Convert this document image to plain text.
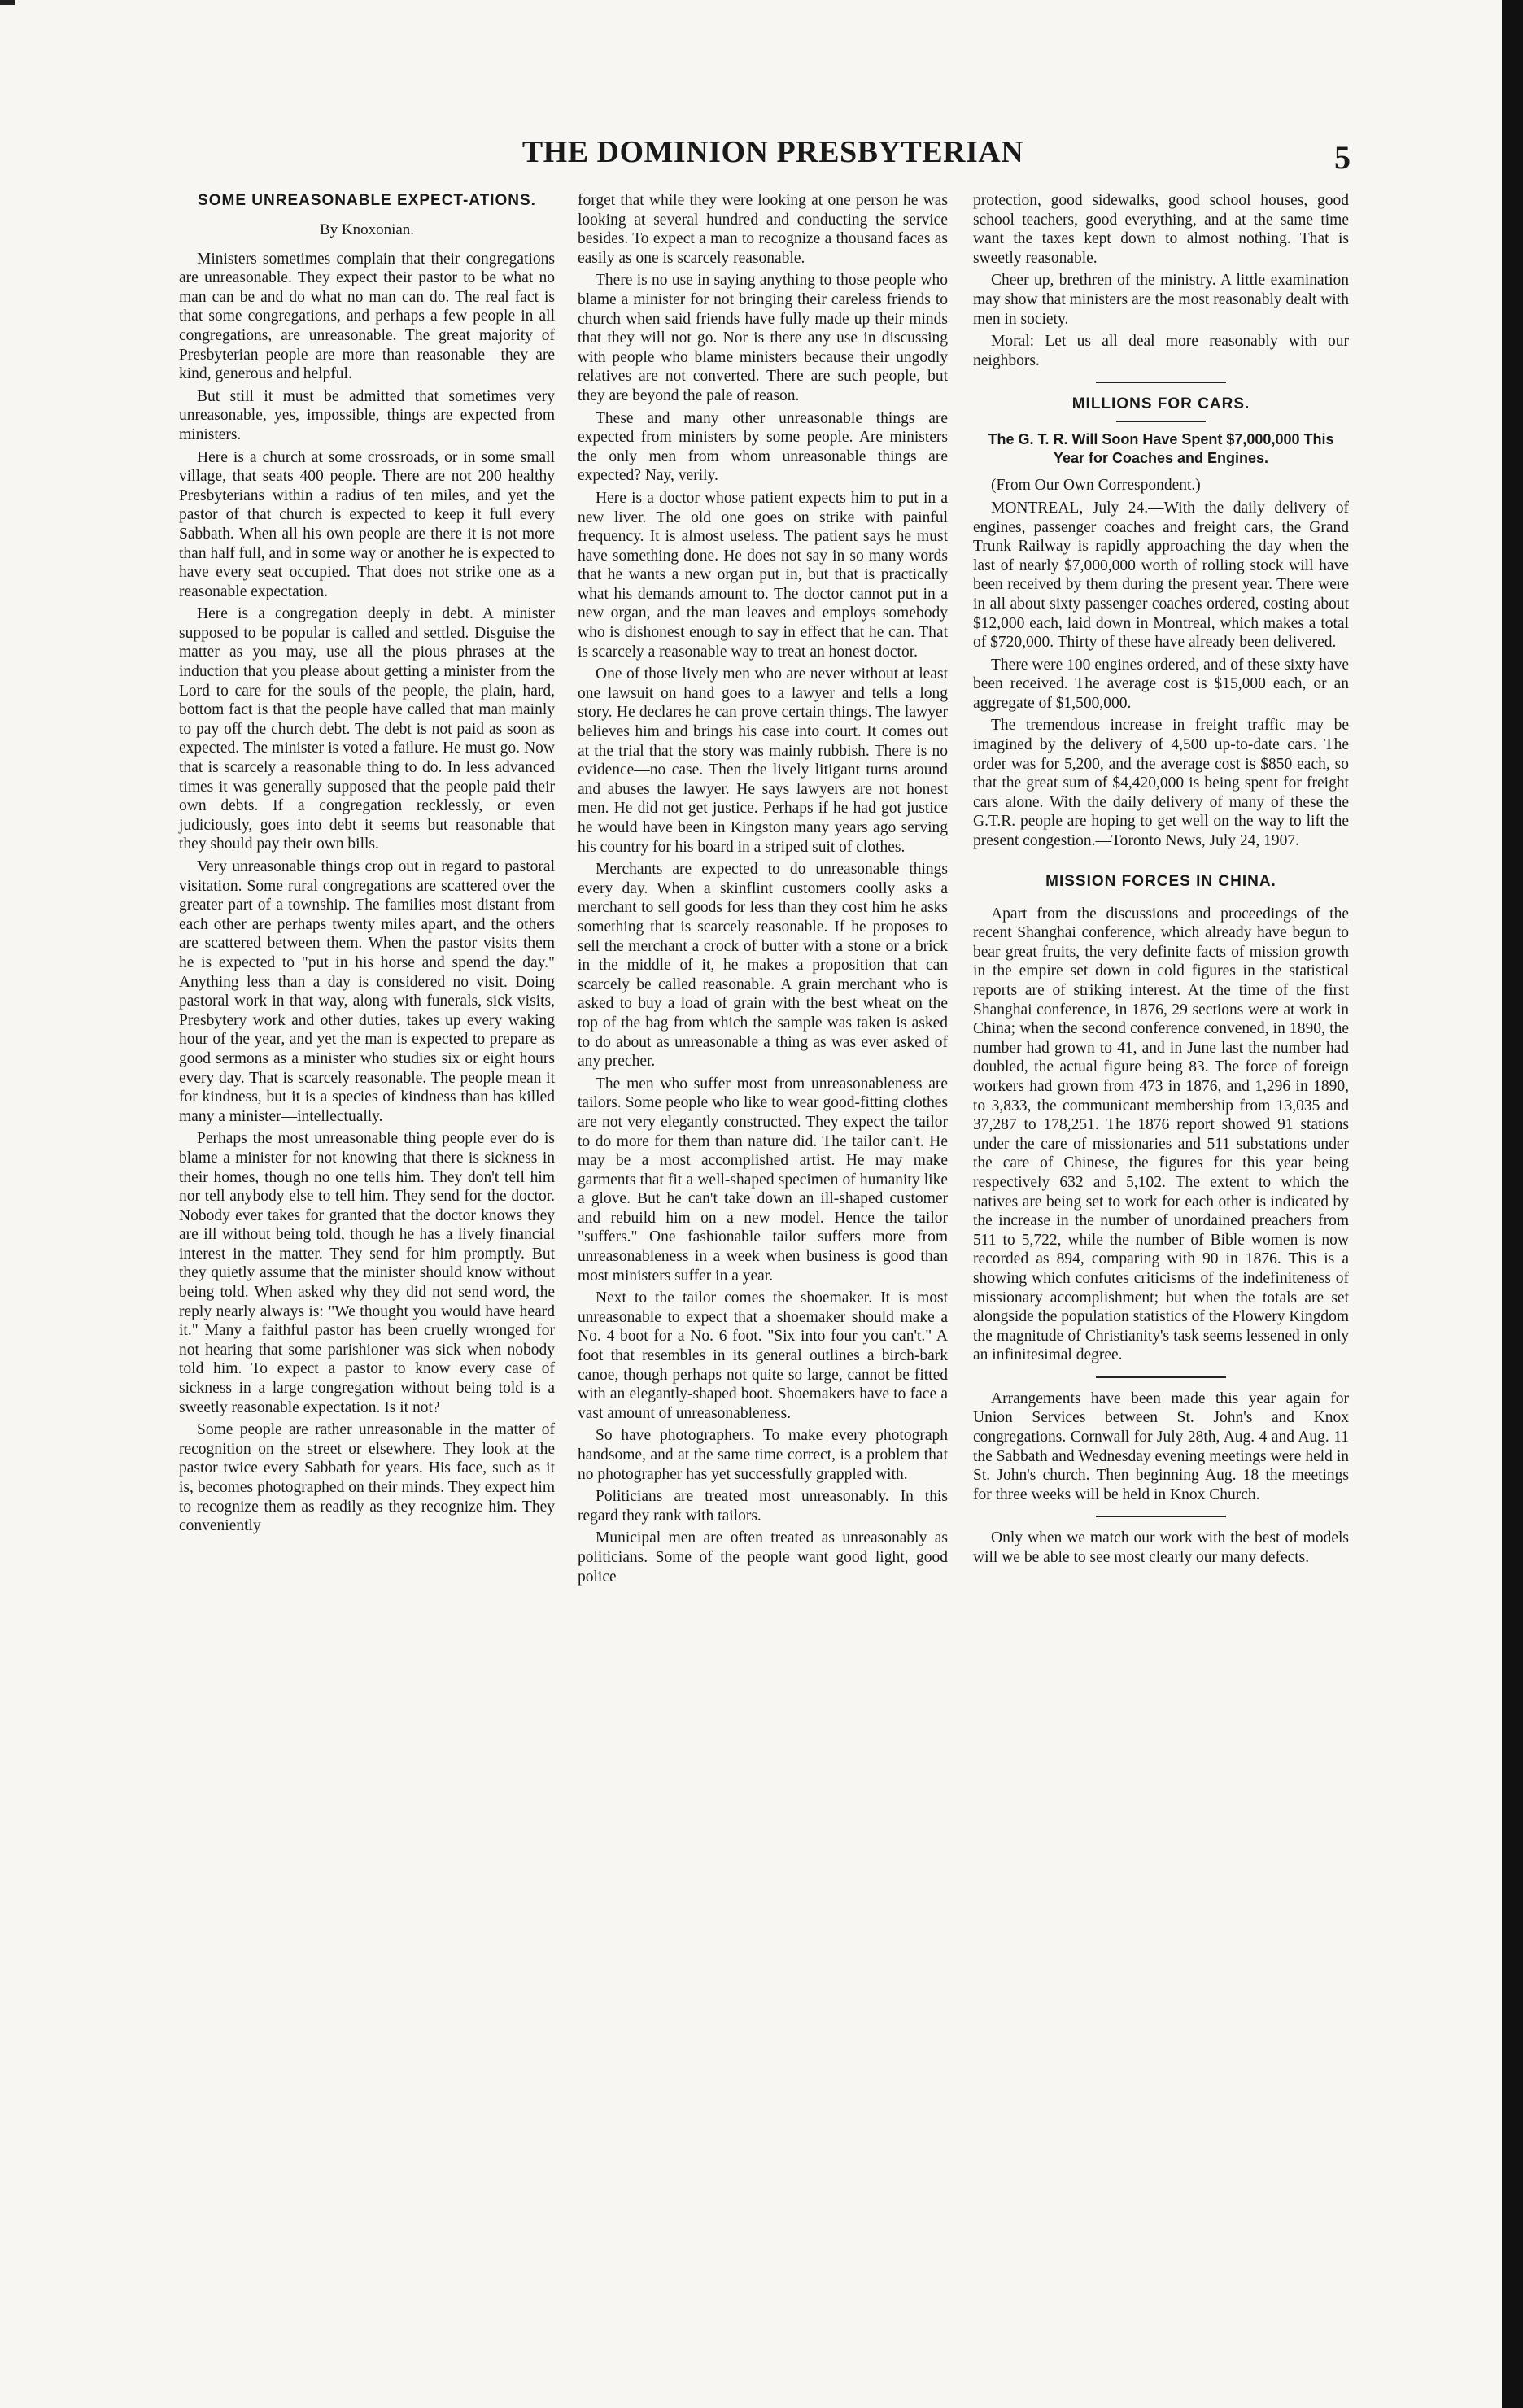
THE DOMINION PRESBYTERIAN	5
SOME UNREASONABLE EXPECT-ATIONS.
By Knoxonian.

Ministers sometimes complain that their congregations are unreasonable. They expect their pastor to be what no man can be and do what no man can do. The real fact is that some congregations, and perhaps a few people in all congregations, are unreasonable. The great majority of Presbyterian people are more than reasonable—they are kind, generous and helpful.

But still it must be admitted that sometimes very unreasonable, yes, impossible, things are expected from ministers.

Here is a church at some crossroads, or in some small village, that seats 400 people. There are not 200 healthy Presbyterians within a radius of ten miles, and yet the pastor of that church is expected to keep it full every Sabbath. When all his own people are there it is not more than half full, and in some way or another he is expected to have every seat occupied. That does not strike one as a reasonable expectation.

Here is a congregation deeply in debt. A minister supposed to be popular is called and settled. Disguise the matter as you may, use all the pious phrases at the induction that you please about getting a minister from the Lord to care for the souls of the people, the plain, hard, bottom fact is that the people have called that man mainly to pay off the church debt. The debt is not paid as soon as expected. The minister is voted a failure. He must go. Now that is scarcely a reasonable thing to do. In less advanced times it was generally supposed that the people paid their own debts. If a congregation recklessly, or even judiciously, goes into debt it seems but reasonable that they should pay their own bills.

Very unreasonable things crop out in regard to pastoral visitation. Some rural congregations are scattered over the greater part of a township. The families most distant from each other are perhaps twenty miles apart, and the others are scattered between them. When the pastor visits them he is expected to "put in his horse and spend the day." Anything less than a day is considered no visit. Doing pastoral work in that way, along with funerals, sick visits, Presbytery work and other duties, takes up every waking hour of the year, and yet the man is expected to prepare as good sermons as a minister who studies six or eight hours every day. That is scarcely reasonable. The people mean it for kindness, but it is a species of kindness than has killed many a minister—intellectually.

Perhaps the most unreasonable thing people ever do is blame a minister for not knowing that there is sickness in their homes, though no one tells him. They don't tell him nor tell anybody else to tell him. They send for the doctor. Nobody ever takes for granted that the doctor knows they are ill without being told, though he has a lively financial interest in the matter. They send for him promptly. But they quietly assume that the minister should know without being told. When asked why they did not send word, the reply nearly always is: "We thought you would have heard it." Many a faithful pastor has been cruelly wronged for not hearing that some parishioner was sick when nobody told him. To expect a pastor to know every case of sickness in a large congregation without being told is a sweetly reasonable expectation. Is it not?

Some people are rather unreasonable in the matter of recognition on the street or elsewhere. They look at the pastor twice every Sabbath for years. His face, such as it is, becomes photographed on their minds. They expect him to recognize them as readily as they recognize him. They conveniently

forget that while they were looking at one person he was looking at several hundred and conducting the service besides. To expect a man to recognize a thousand faces as easily as one is scarcely reasonable.

There is no use in saying anything to those people who blame a minister for not bringing their careless friends to church when said friends have fully made up their minds that they will not go. Nor is there any use in discussing with people who blame ministers because their ungodly relatives are not converted. There are such people, but they are beyond the pale of reason.

These and many other unreasonable things are expected from ministers by some people. Are ministers the only men from whom unreasonable things are expected? Nay, verily.

Here is a doctor whose patient expects him to put in a new liver. The old one goes on strike with painful frequency. It is almost useless. The patient says he must have something done. He does not say in so many words that he wants a new organ put in, but that is practically what his demands amount to. The doctor cannot put in a new organ, and the man leaves and employs somebody who is dishonest enough to say in effect that he can. That is scarcely a reasonable way to treat an honest doctor.

One of those lively men who are never without at least one lawsuit on hand goes to a lawyer and tells a long story. He declares he can prove certain things. The lawyer believes him and brings his case into court. It comes out at the trial that the story was mainly rubbish. There is no evidence—no case. Then the lively litigant turns around and abuses the lawyer. He says lawyers are not honest men. He did not get justice. Perhaps if he had got justice he would have been in Kingston many years ago serving his country for his board in a striped suit of clothes.

Merchants are expected to do unreasonable things every day. When a skinflint customers coolly asks a merchant to sell goods for less than they cost him he asks something that is scarcely reasonable. If he proposes to sell the merchant a crock of butter with a stone or a brick in the middle of it, he makes a proposition that can scarcely be called reasonable. A grain merchant who is asked to buy a load of grain with the best wheat on the top of the bag from which the sample was taken is asked to do about as unreasonable a thing as was ever asked of any precher.

The men who suffer most from unreasonableness are tailors. Some people who like to wear good-fitting clothes are not very elegantly constructed. They expect the tailor to do more for them than nature did. The tailor can't. He may be a most accomplished artist. He may make garments that fit a well-shaped specimen of humanity like a glove. But he can't take down an ill-shaped customer and rebuild him on a new model. Hence the tailor "suffers." One fashionable tailor suffers more from unreasonableness in a week when business is good than most ministers suffer in a year.

Next to the tailor comes the shoemaker. It is most unreasonable to expect that a shoemaker should make a No. 4 boot for a No. 6 foot. "Six into four you can't." A foot that resembles in its general outlines a birch-bark canoe, though perhaps not quite so large, cannot be fitted with an elegantly-shaped boot. Shoemakers have to face a vast amount of unreasonableness.

So have photographers. To make every photograph handsome, and at the same time correct, is a problem that no photographer has yet successfully grappled with.

Politicians are treated most unreasonably. In this regard they rank with tailors.

Municipal men are often treated as unreasonably as politicians. Some of the people want good light, good police

protection, good sidewalks, good school houses, good school teachers, good everything, and at the same time want the taxes kept down to almost nothing. That is sweetly reasonable.

Cheer up, brethren of the ministry. A little examination may show that ministers are the most reasonably dealt with men in society.

Moral: Let us all deal more reasonably with our neighbors.

MILLIONS FOR CARS.
The G. T. R. Will Soon Have Spent $7,000,000 This Year for Coaches and Engines.

(From Our Own Correspondent.)

MONTREAL, July 24.—With the daily delivery of engines, passenger coaches and freight cars, the Grand Trunk Railway is rapidly approaching the day when the last of nearly $7,000,000 worth of rolling stock will have been received by them during the present year. There were in all about sixty passenger coaches ordered, costing about $12,000 each, laid down in Montreal, which makes a total of $720,000. Thirty of these have already been delivered.

There were 100 engines ordered, and of these sixty have been received. The average cost is $15,000 each, or an aggregate of $1,500,000.

The tremendous increase in freight traffic may be imagined by the delivery of 4,500 up-to-date cars. The order was for 5,200, and the average cost is $850 each, so that the great sum of $4,420,000 is being spent for freight cars alone. With the daily delivery of many of these the G.T.R. people are hoping to get well on the way to lift the present congestion.—Toronto News, July 24, 1907.

MISSION FORCES IN CHINA.

Apart from the discussions and proceedings of the recent Shanghai conference, which already have begun to bear great fruits, the very definite facts of mission growth in the empire set down in cold figures in the statistical reports are of striking interest. At the time of the first Shanghai conference, in 1876, 29 sections were at work in China; when the second conference convened, in 1890, the number had grown to 41, and in June last the number had doubled, the actual figure being 83. The force of foreign workers had grown from 473 in 1876, and 1,296 in 1890, to 3,833, the communicant membership from 13,035 and 37,287 to 178,251. The 1876 report showed 91 stations under the care of missionaries and 511 substations under the care of Chinese, the figures for this year being respectively 632 and 5,102. The extent to which the natives are being set to work for each other is indicated by the increase in the number of unordained preachers from 511 to 5,722, while the number of Bible women is now recorded as 894, comparing with 90 in 1876. This is a showing which confutes criticisms of the indefiniteness of missionary accomplishment; but when the totals are set alongside the population statistics of the Flowery Kingdom the magnitude of Christianity's task seems lessened in only an infinitesimal degree.

Arrangements have been made this year again for Union Services between St. John's and Knox congregations. Cornwall for July 28th, Aug. 4 and Aug. 11 the Sabbath and Wednesday evening meetings were held in St. John's church. Then beginning Aug. 18 the meetings for three weeks will be held in Knox Church.

Only when we match our work with the best of models will we be able to see most clearly our many defects.
